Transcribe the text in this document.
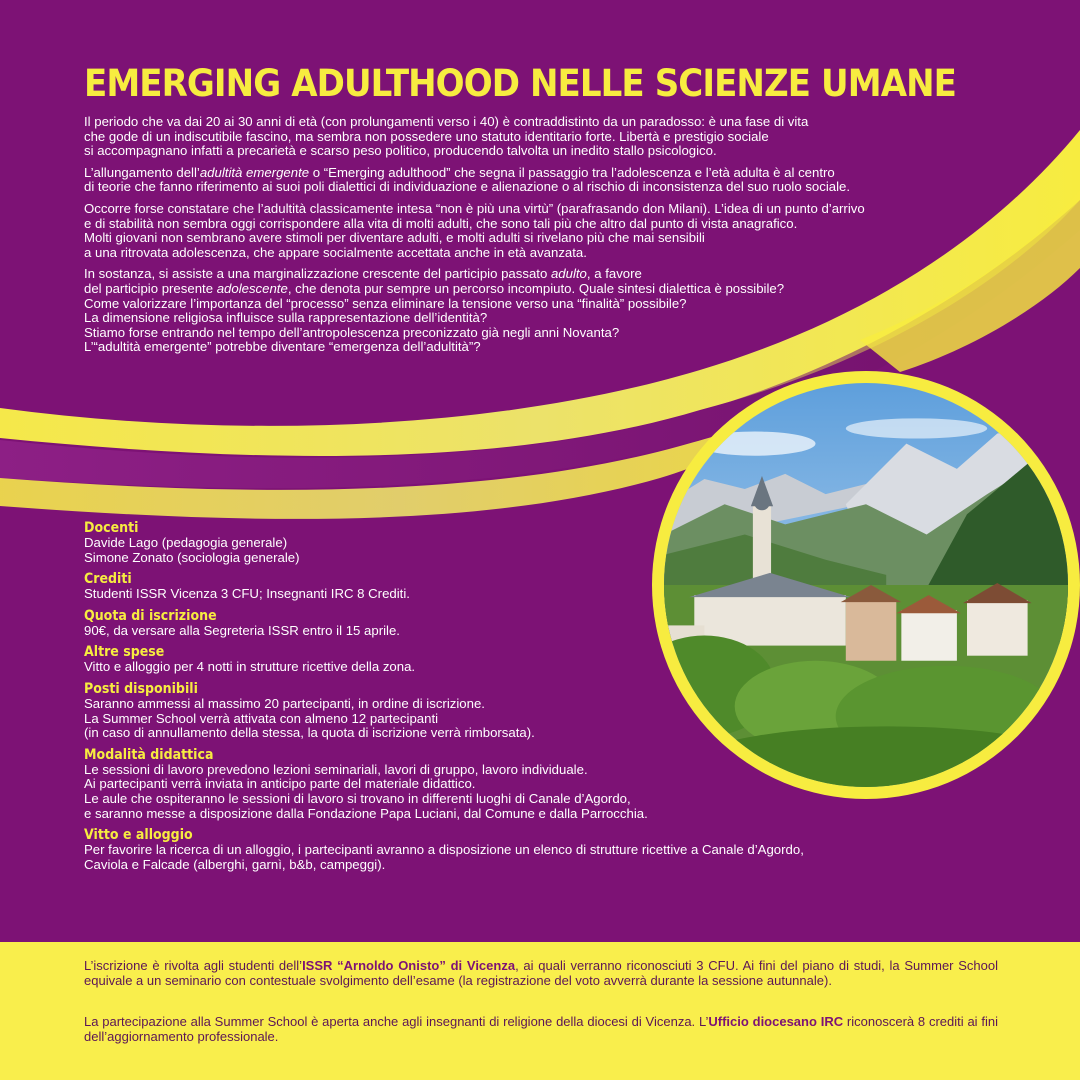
EMERGING ADULTHOOD NELLE SCIENZE UMANE

Il periodo che va dai 20 ai 30 anni di età (con prolungamenti verso i 40) è contraddistinto da un paradosso: è una fase di vita
che gode di un indiscutibile fascino, ma sembra non possedere uno statuto identitario forte. Libertà e prestigio sociale
si accompagnano infatti a precarietà e scarso peso politico, producendo talvolta un inedito stallo psicologico.

L’allungamento dell’adultità emergente o “Emerging adulthood” che segna il passaggio tra l’adolescenza e l’età adulta è al centro
di teorie che fanno riferimento ai suoi poli dialettici di individuazione e alienazione o al rischio di inconsistenza del suo ruolo sociale.

Occorre forse constatare che l’adultità classicamente intesa “non è più una virtù” (parafrasando don Milani). L’idea di un punto d’arrivo
e di stabilità non sembra oggi corrispondere alla vita di molti adulti, che sono tali più che altro dal punto di vista anagrafico.
Molti giovani non sembrano avere stimoli per diventare adulti, e molti adulti si rivelano più che mai sensibili
a una ritrovata adolescenza, che appare socialmente accettata anche in età avanzata.

In sostanza, si assiste a una marginalizzazione crescente del participio passato adulto, a favore
del participio presente adolescente, che denota pur sempre un percorso incompiuto. Quale sintesi dialettica è possibile?
Come valorizzare l’importanza del “processo” senza eliminare la tensione verso una “finalità” possibile?
La dimensione religiosa influisce sulla rappresentazione dell’identità?
Stiamo forse entrando nel tempo dell’antropolescenza preconizzato già negli anni Novanta?
L’“adultità emergente” potrebbe diventare “emergenza dell’adultità”?

Docenti
Davide Lago (pedagogia generale)
Simone Zonato (sociologia generale)
Crediti
Studenti ISSR Vicenza 3 CFU; Insegnanti IRC 8 Crediti.
Quota di iscrizione
90€, da versare alla Segreteria ISSR entro il 15 aprile.
Altre spese
Vitto e alloggio per 4 notti in strutture ricettive della zona.
Posti disponibili
Saranno ammessi al massimo 20 partecipanti, in ordine di iscrizione.
La Summer School verrà attivata con almeno 12 partecipanti
(in caso di annullamento della stessa, la quota di iscrizione verrà rimborsata).
Modalità didattica
Le sessioni di lavoro prevedono lezioni seminariali, lavori di gruppo, lavoro individuale.
Ai partecipanti verrà inviata in anticipo parte del materiale didattico.
Le aule che ospiteranno le sessioni di lavoro si trovano in differenti luoghi di Canale d’Agordo,
e saranno messe a disposizione dalla Fondazione Papa Luciani, dal Comune e dalla Parrocchia.
Vitto e alloggio
Per favorire la ricerca di un alloggio, i partecipanti avranno a disposizione un elenco di strutture ricettive a Canale d’Agordo,
Caviola e Falcade (alberghi, garnì, b&b, campeggi).

L’iscrizione è rivolta agli studenti dell’ISSR “Arnoldo Onisto” di Vicenza, ai quali verranno riconosciuti 3 CFU. Ai fini del piano di studi, la Summer School equivale a un seminario con contestuale svolgimento dell’esame (la registrazione del voto avverrà durante la sessione autunnale).

La partecipazione alla Summer School è aperta anche agli insegnanti di religione della diocesi di Vicenza. L’Ufficio diocesano IRC riconoscerà 8 crediti ai fini dell’aggiornamento professionale.
